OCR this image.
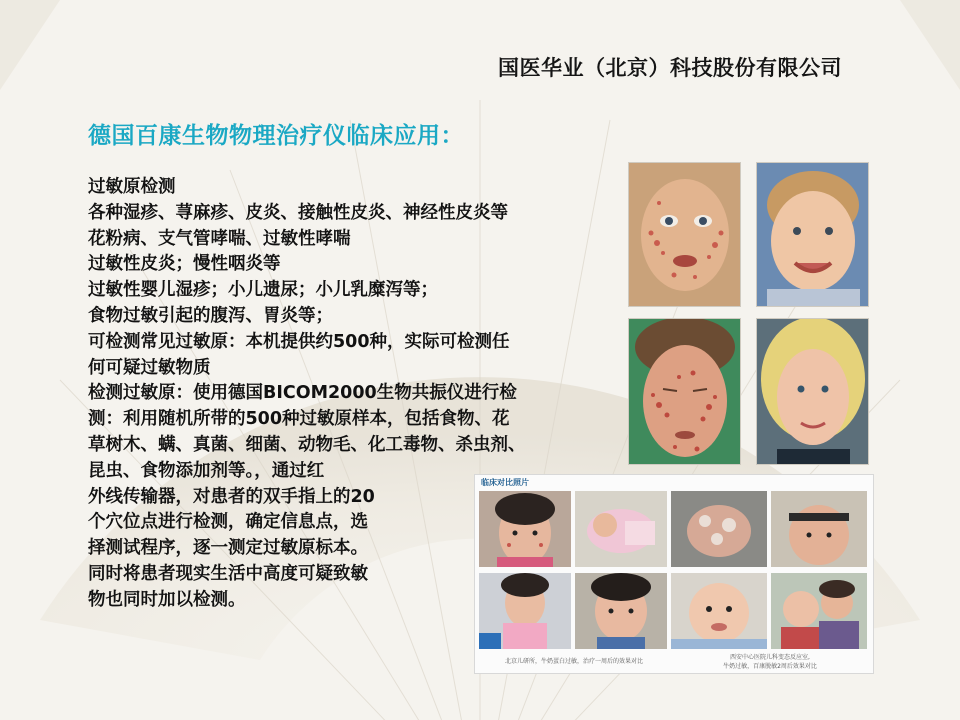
国医华业（北京）科技股份有限公司
德国百康生物物理治疗仪临床应用：
过敏原检测
各种湿疹、荨麻疹、皮炎、接触性皮炎、神经性皮炎等
花粉病、支气管哮喘、过敏性哮喘
过敏性皮炎；慢性咽炎等
过敏性婴儿湿疹；小儿遗尿；小儿乳糜泻等；
食物过敏引起的腹泻、胃炎等；
可检测常见过敏原：本机提供约500种，实际可检测任
何可疑过敏物质
检测过敏原：使用德国BICOM2000生物共振仪进行检
测：利用随机所带的500种过敏原样本，包括食物、花
草树木、螨、真菌、细菌、动物毛、化工毒物、杀虫剂、
昆虫、食物添加剂等。，通过红
外线传输器，对患者的双手指上的20
个穴位点进行检测，确定信息点，选
择测试程序，逐一测定过敏原标本。
同时将患者现实生活中高度可疑致敏
物也同时加以检测。
临床对比照片
北京儿研所，牛奶蛋白过敏，治疗一周后的效果对比
西安中心医院儿科变态反应室,
牛奶过敏，百康脱敏2周后效果对比
